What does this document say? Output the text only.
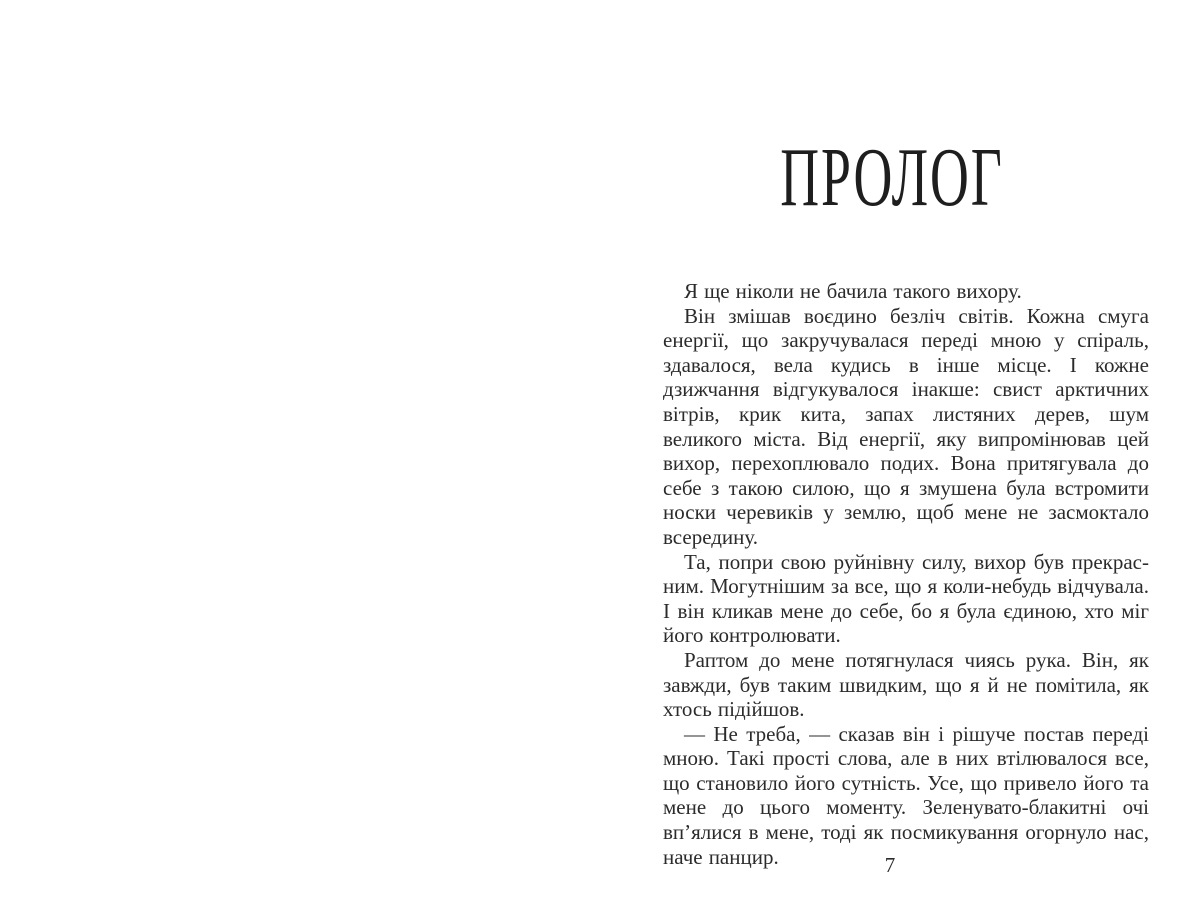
ПРОЛОГ

Я ще ніколи не бачила такого вихору.

Він змішав воєдино безліч світів. Кожна смуга енергії, що закручувалася переді мною у спіраль, здавалося, вела кудись в інше місце. І кожне дзижчання відгукувалося інакше: свист арктичних вітрів, крик кита, запах листяних дерев, шум великого міста. Від енергії, яку випромінював цей вихор, перехоплювало подих. Вона притягувала до себе з такою силою, що я змушена була встромити носки черевиків у землю, щоб мене не засмоктало всередину.

Та, попри свою руйнівну силу, вихор був прекрасним. Могутнішим за все, що я коли-небудь відчувала. І він кликав мене до себе, бо я була єдиною, хто міг його контролювати.

Раптом до мене потягнулася чиясь рука. Він, як завжди, був таким швидким, що я й не помітила, як хтось підійшов.

— Не треба, — сказав він і рішуче постав переді мною. Такі прості слова, але в них втілювалося все, що становило його сутність. Усе, що привело його та мене до цього моменту. Зеленувато-блакитні очі вп’ялися в мене, тоді як посмикування огорнуло нас, наче панцир.	7
